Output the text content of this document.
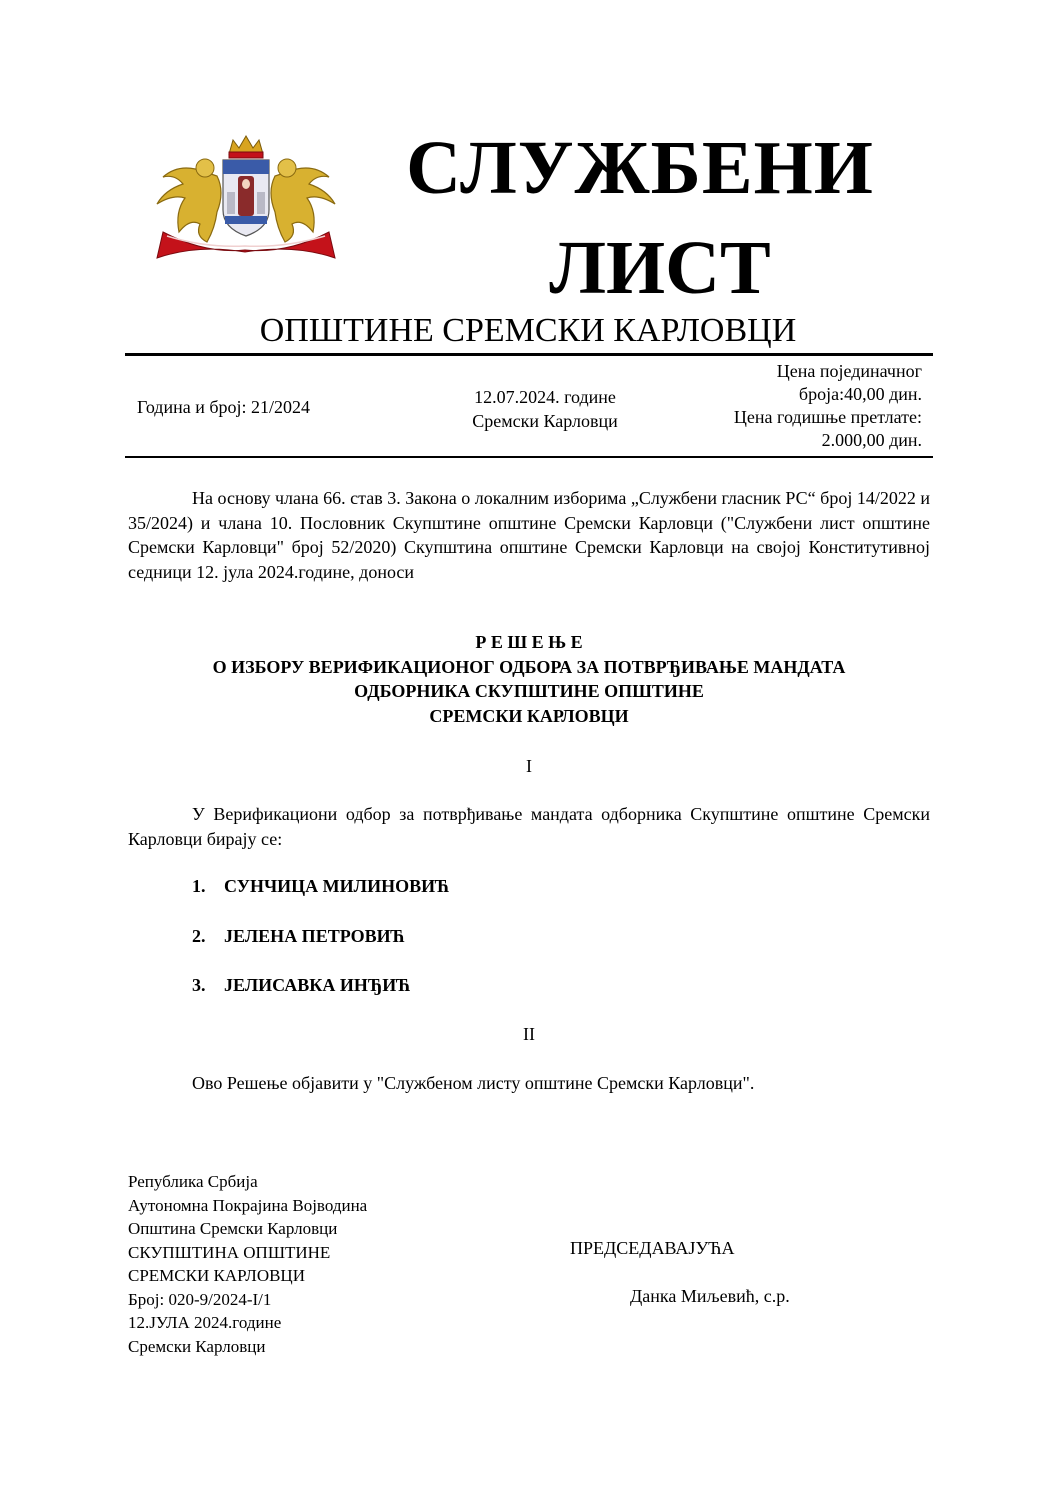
СЛУЖБЕНИ
ЛИСТ
ОПШТИНЕ СРЕМСКИ КАРЛОВЦИ
Година и број: 21/2024	12.07.2024. године
Сремски Карловци
Цена појединачног
броја:40,00 дин.
Цена годишње претлате:
2.000,00 дин.
На основу члана 66. став 3. Закона о локалним изборима „Службени гласник РС“ број 14/2022 и 35/2024) и члана 10. Пословник Скупштине општине Сремски Карловци ("Службени лист општине Сремски Карловци" број 52/2020) Скупштина општине Сремски Карловци на својој Конститутивној седници 12. јула 2024.године, доноси
Р Е Ш Е Њ Е
О ИЗБОРУ ВЕРИФИКАЦИОНОГ ОДБОРА ЗА ПОТВРЂИВАЊЕ МАНДАТА
ОДБОРНИКА СКУПШТИНЕ ОПШТИНЕ
СРЕМСКИ КАРЛОВЦИ
I
У Верификациони одбор за потврђивање мандата одборника Скупштине општине Сремски Карловци бирају се:
1. СУНЧИЦА МИЛИНОВИЋ
2. ЈЕЛЕНА ПЕТРОВИЋ
3. ЈЕЛИСАВКА ИНЂИЋ
II
Ово Решење објавити у "Службеном листу општине Сремски Карловци".
Република Србија
Аутономна Покрајина Војводина
Општина Сремски Карловци
СКУПШТИНА ОПШТИНЕ
СРЕМСКИ КАРЛОВЦИ
Број: 020-9/2024-I/1
12.ЈУЛА 2024.године
Сремски Карловци
ПРЕДСЕДАВАЈУЋА
Данка Миљевић, с.р.
